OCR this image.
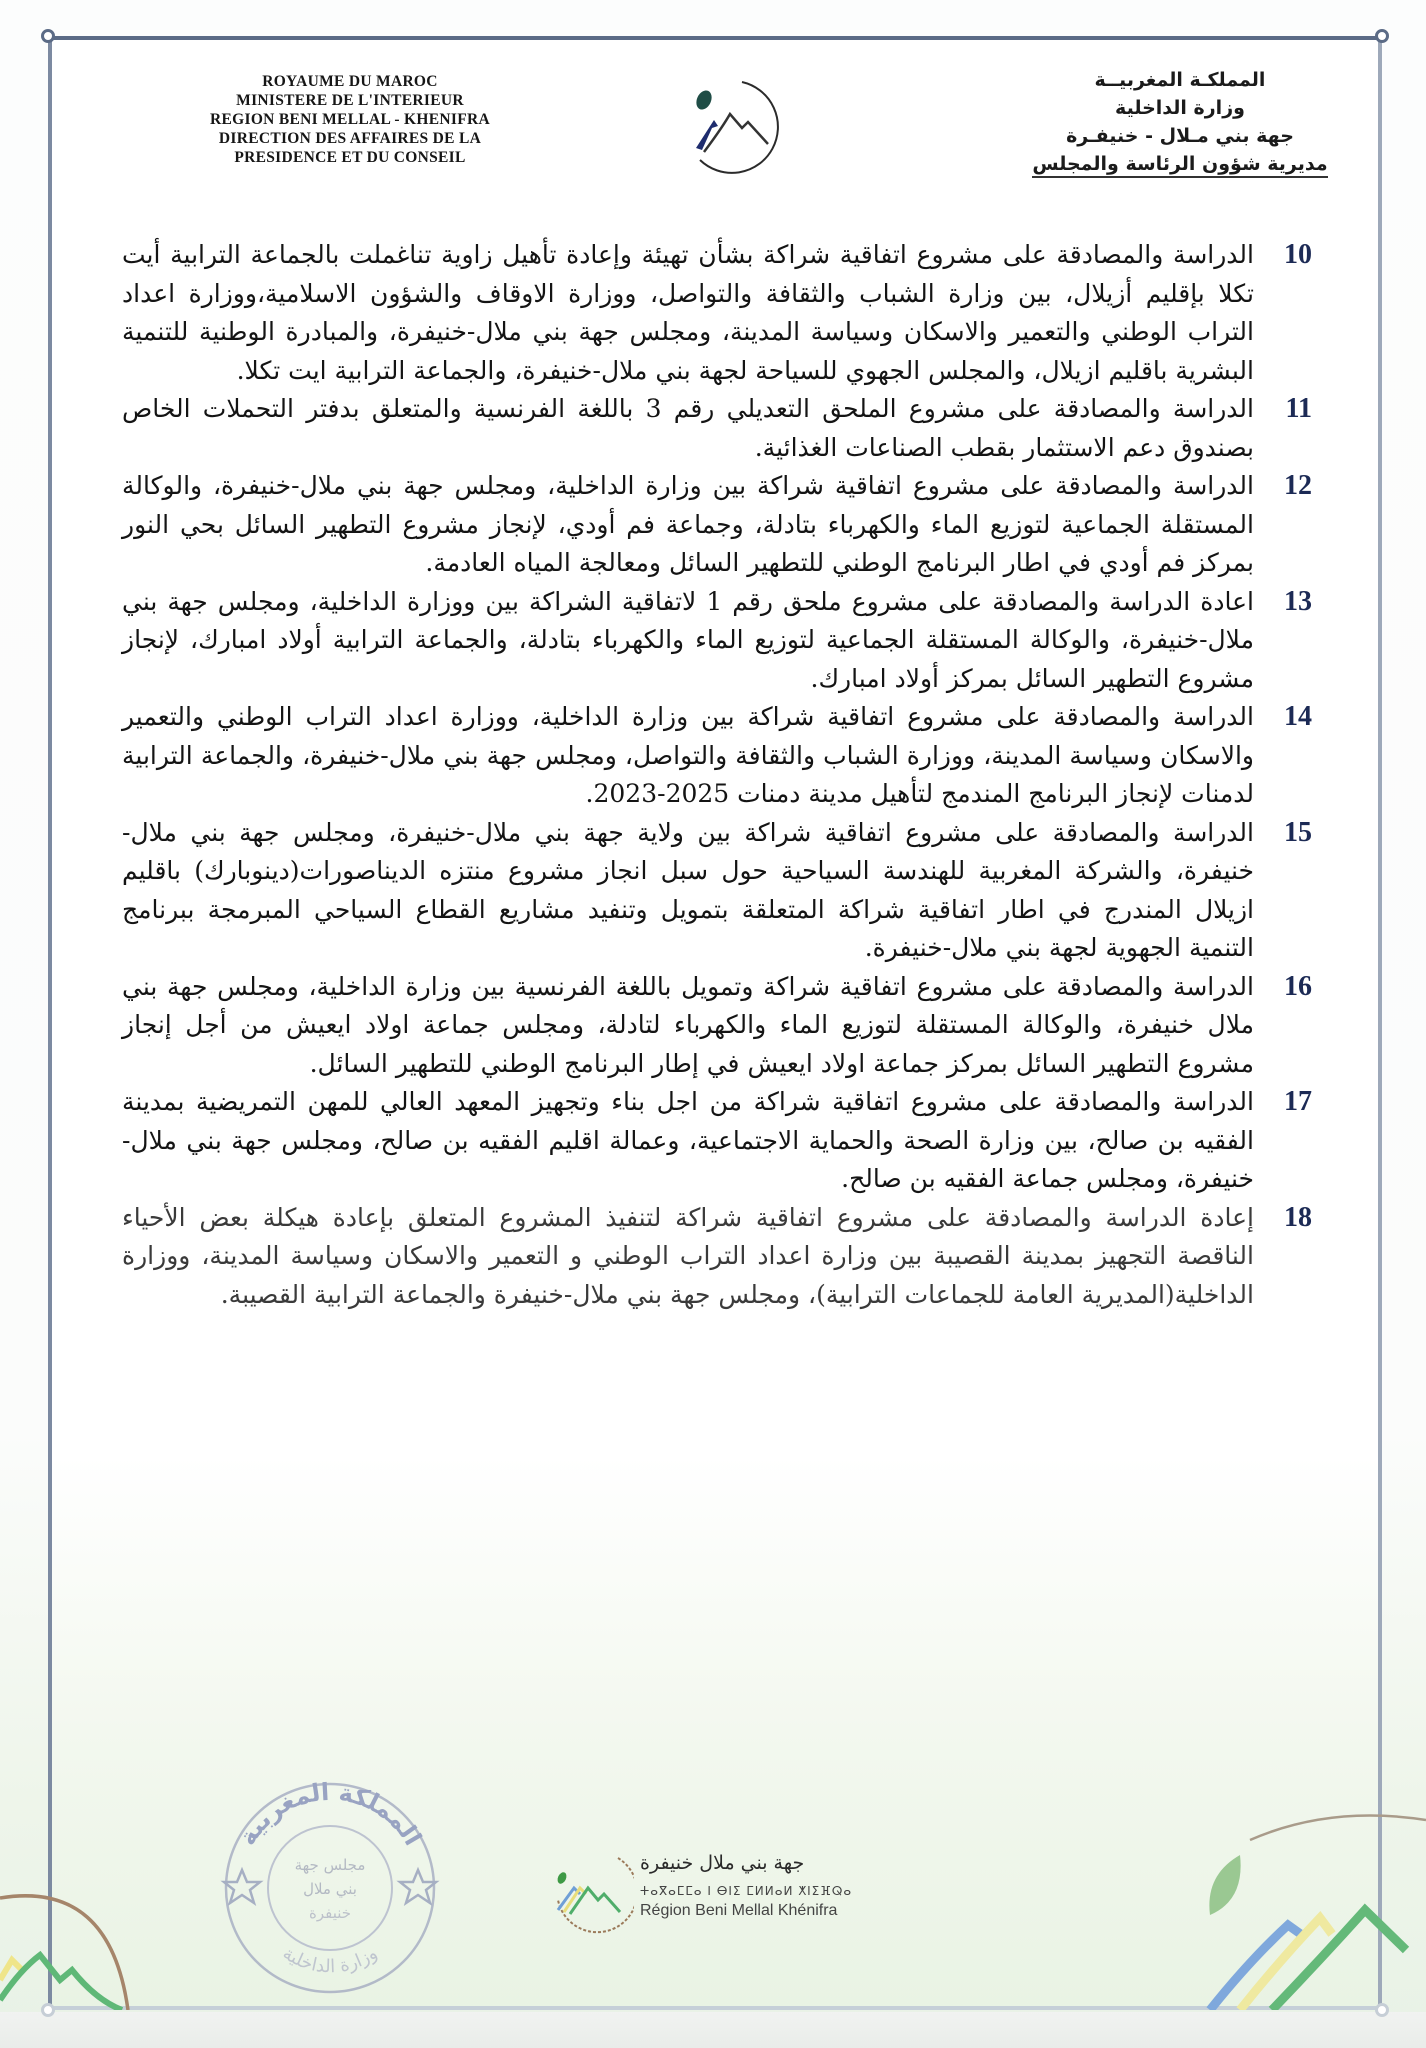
ROYAUME DU MAROC
MINISTERE DE L'INTERIEUR
REGION BENI MELLAL - KHENIFRA
DIRECTION DES AFFAIRES DE LA
PRESIDENCE ET DU CONSEIL
المملكـة المغربيــة
وزارة الداخلية
جهة بني مـلال - خنيفـرة
مديرية شؤون الرئاسة والمجلس
10
الدراسة والمصادقة على مشروع اتفاقية شراكة بشأن تهيئة وإعادة تأهيل زاوية تناغملت بالجماعة الترابية أيت تكلا بإقليم أزيلال، بين وزارة الشباب والثقافة والتواصل، ووزارة الاوقاف والشؤون الاسلامية،ووزارة اعداد التراب الوطني والتعمير والاسكان وسياسة المدينة، ومجلس جهة بني ملال-خنيفرة، والمبادرة الوطنية للتنمية البشرية باقليم ازيلال، والمجلس الجهوي للسياحة لجهة بني ملال-خنيفرة، والجماعة الترابية ايت تكلا.
11
الدراسة والمصادقة على مشروع الملحق التعديلي رقم 3 باللغة الفرنسية والمتعلق بدفتر التحملات الخاص بصندوق دعم الاستثمار بقطب الصناعات الغذائية.
12
الدراسة والمصادقة على مشروع اتفاقية شراكة بين وزارة الداخلية، ومجلس جهة بني ملال-خنيفرة، والوكالة المستقلة الجماعية لتوزيع الماء والكهرباء بتادلة، وجماعة فم أودي، لإنجاز مشروع التطهير السائل بحي النور بمركز فم أودي في اطار البرنامج الوطني للتطهير السائل ومعالجة المياه العادمة.
13
اعادة الدراسة والمصادقة على مشروع ملحق رقم 1 لاتفاقية الشراكة بين ووزارة الداخلية، ومجلس جهة بني ملال-خنيفرة، والوكالة المستقلة الجماعية لتوزيع الماء والكهرباء بتادلة، والجماعة الترابية أولاد امبارك، لإنجاز مشروع التطهير السائل بمركز أولاد امبارك.
14
الدراسة والمصادقة على مشروع اتفاقية شراكة بين وزارة الداخلية، ووزارة اعداد التراب الوطني والتعمير والاسكان وسياسة المدينة، ووزارة الشباب والثقافة والتواصل، ومجلس جهة بني ملال-خنيفرة، والجماعة الترابية لدمنات لإنجاز البرنامج المندمج لتأهيل مدينة دمنات 2025-2023.
15
الدراسة والمصادقة على مشروع اتفاقية شراكة بين ولاية جهة بني ملال-خنيفرة، ومجلس جهة بني ملال-خنيفرة، والشركة المغربية للهندسة السياحية حول سبل انجاز مشروع منتزه الديناصورات(دينوبارك) باقليم ازيلال المندرج في اطار اتفاقية شراكة المتعلقة بتمويل وتنفيد مشاريع القطاع السياحي المبرمجة ببرنامج التنمية الجهوية لجهة بني ملال-خنيفرة.
16
الدراسة والمصادقة على مشروع اتفاقية شراكة وتمويل باللغة الفرنسية بين وزارة الداخلية، ومجلس جهة بني ملال خنيفرة، والوكالة المستقلة لتوزيع الماء والكهرباء لتادلة، ومجلس جماعة اولاد ايعيش من أجل إنجاز مشروع التطهير السائل بمركز جماعة اولاد ايعيش في إطار البرنامج الوطني للتطهير السائل.
17
الدراسة والمصادقة على مشروع اتفاقية شراكة من اجل بناء وتجهيز المعهد العالي للمهن التمريضية بمدينة الفقيه بن صالح، بين وزارة الصحة والحماية الاجتماعية، وعمالة اقليم الفقيه بن صالح، ومجلس جهة بني ملال-خنيفرة، ومجلس جماعة الفقيه بن صالح.
18
إعادة الدراسة والمصادقة على مشروع اتفاقية شراكة لتنفيذ المشروع المتعلق بإعادة هيكلة بعض الأحياء الناقصة التجهيز بمدينة القصيبة بين وزارة اعداد التراب الوطني و التعمير والاسكان وسياسة المدينة، ووزارة الداخلية(المديرية العامة للجماعات الترابية)، ومجلس جهة بني ملال-خنيفرة والجماعة الترابية القصيبة.
المملكة المغربية
وزارة الداخلية
مجلس جهة
بني ملال
خنيفرة
جهة بني ملال خنيفرة
ⵜⴰⴳⴰⵎⵎⴰ ⵏ ⴱⵏⵉ ⵎⵍⵍⴰⵍ ⵅⵏⵉⴼⵕⴰ
Région Beni Mellal Khénifra
